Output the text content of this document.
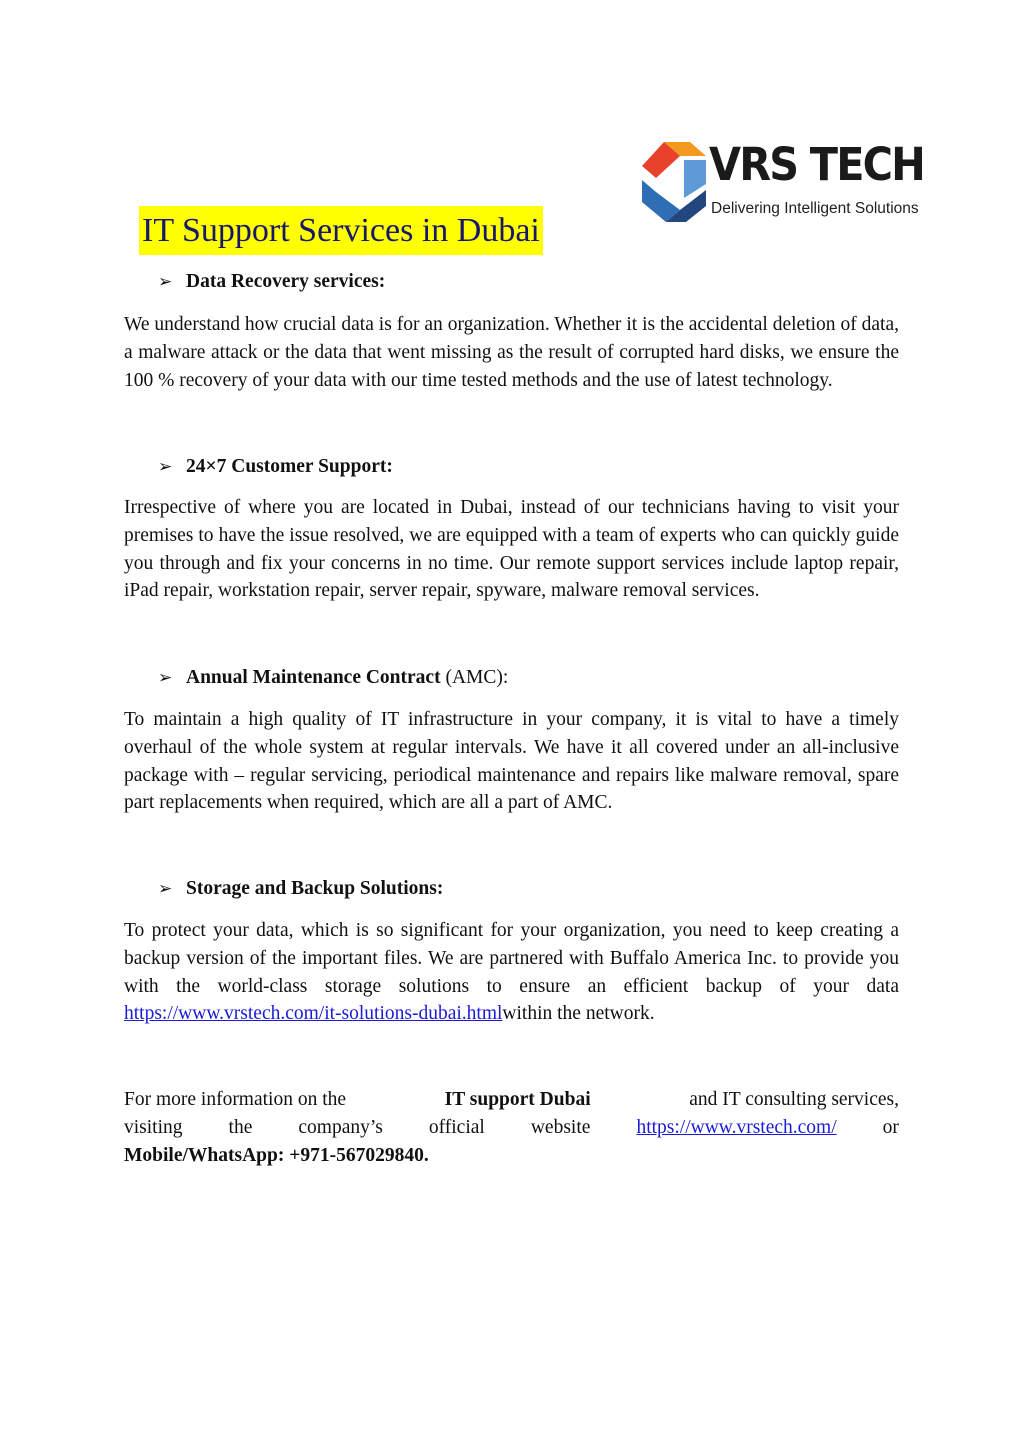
VRS TECH
Delivering Intelligent Solutions
IT Support Services in Dubai
➢ Data Recovery services:

We understand how crucial data is for an organization. Whether it is the accidental deletion of data, a malware attack or the data that went missing as the result of corrupted hard disks, we ensure the 100 % recovery of your data with our time tested methods and the use of latest technology.

➢ 24×7 Customer Support:

Irrespective of where you are located in Dubai, instead of our technicians having to visit your premises to have the issue resolved, we are equipped with a team of experts who can quickly guide you through and fix your concerns in no time. Our remote support services include laptop repair, iPad repair, workstation repair, server repair, spyware, malware removal services.

➢ Annual Maintenance Contract (AMC):

To maintain a high quality of IT infrastructure in your company, it is vital to have a timely overhaul of the whole system at regular intervals. We have it all covered under an all-inclusive package with – regular servicing, periodical maintenance and repairs like malware removal, spare part replacements when required, which are all a part of AMC.

➢ Storage and Backup Solutions:

To protect your data, which is so significant for your organization, you need to keep creating a backup version of the important files. We are partnered with Buffalo America Inc. to provide you with the world-class storage solutions to ensure an efficient backup of your data https://www.vrstech.com/it-solutions-dubai.htmlwithin the network.

For more information on the	IT support Dubai	and IT consulting services,
visiting the company’s official website https://www.vrstech.com/ or
Mobile/WhatsApp: +971-567029840.
